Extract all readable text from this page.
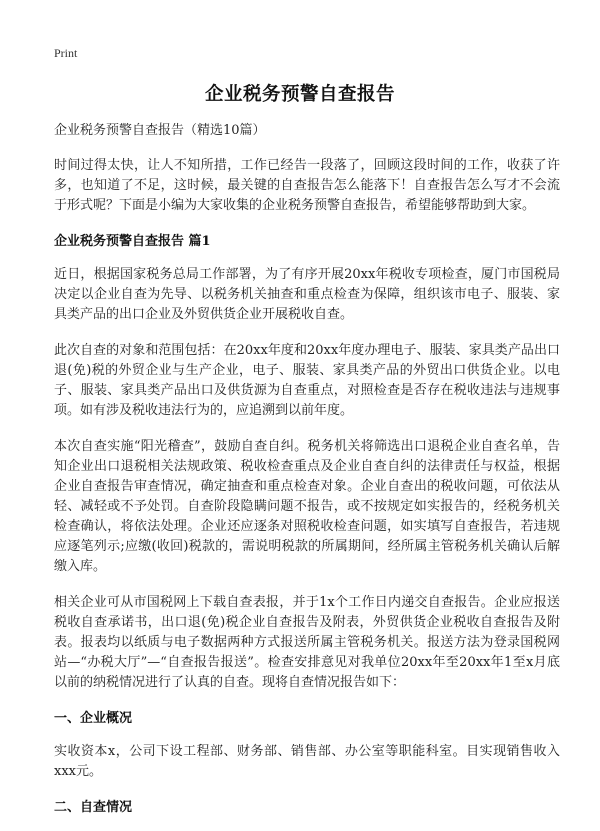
Print
企业税务预警自查报告

企业税务预警自查报告（精选10篇）

时间过得太快，让人不知所措，工作已经告一段落了，回顾这段时间的工作，收获了许多，也知道了不足，这时候，最关键的自查报告怎么能落下！自查报告怎么写才不会流于形式呢？下面是小编为大家收集的企业税务预警自查报告，希望能够帮助到大家。

企业税务预警自查报告 篇1

近日，根据国家税务总局工作部署，为了有序开展20xx年税收专项检查，厦门市国税局决定以企业自查为先导、以税务机关抽查和重点检查为保障，组织该市电子、服装、家具类产品的出口企业及外贸供货企业开展税收自查。

此次自查的对象和范围包括：在20xx年度和20xx年度办理电子、服装、家具类产品出口退(免)税的外贸企业与生产企业，电子、服装、家具类产品的外贸出口供货企业。以电子、服装、家具类产品出口及供货源为自查重点，对照检查是否存在税收违法与违规事项。如有涉及税收违法行为的，应追溯到以前年度。

本次自查实施“阳光稽查”，鼓励自查自纠。税务机关将筛选出口退税企业自查名单，告知企业出口退税相关法规政策、税收检查重点及企业自查自纠的法律责任与权益，根据企业自查报告审查情况，确定抽查和重点检查对象。企业自查出的税收问题，可依法从轻、减轻或不予处罚。自查阶段隐瞒问题不报告，或不按规定如实报告的，经税务机关检查确认，将依法处理。企业还应逐条对照税收检查问题，如实填写自查报告，若违规应逐笔列示;应缴(收回)税款的，需说明税款的所属期间，经所属主管税务机关确认后解缴入库。

相关企业可从市国税网上下载自查表报，并于1x个工作日内递交自查报告。企业应报送税收自查承诺书，出口退(免)税企业自查报告及附表，外贸供货企业税收自查报告及附表。报表均以纸质与电子数据两种方式报送所属主管税务机关。报送方法为登录国税网站—“办税大厅”—“自查报告报送”。检查安排意见对我单位20xx年至20xx年1至x月底以前的纳税情况进行了认真的自查。现将自查情况报告如下：

一、企业概况

实收资本x，公司下设工程部、财务部、销售部、办公室等职能科室。目实现销售收入xxx元。

二、自查情况
